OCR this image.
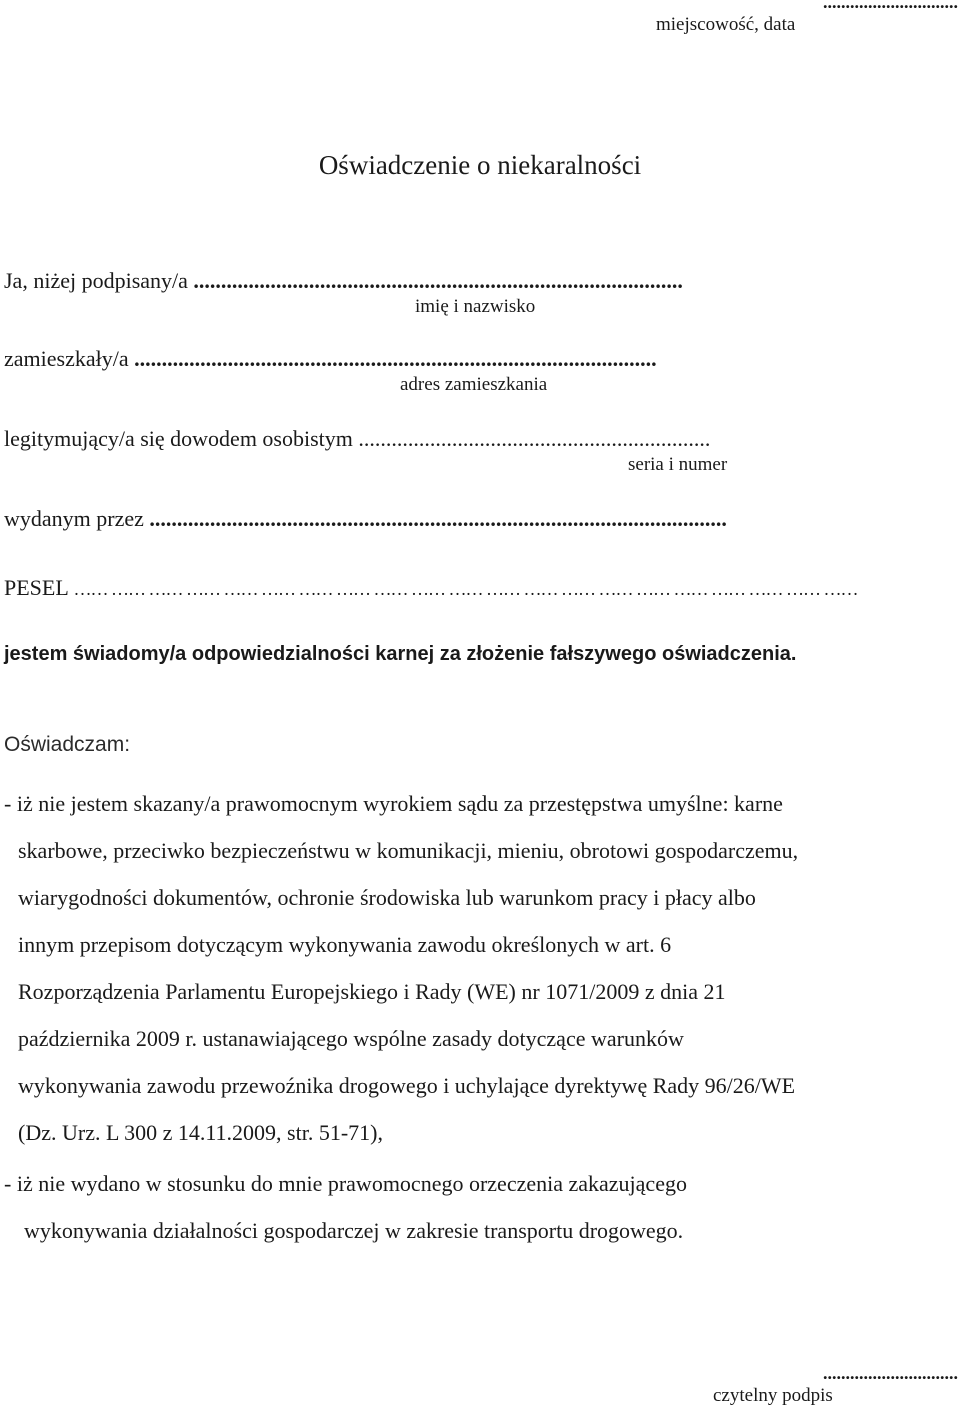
..............................
miejscowość, data
Oświadczenie o niekaralności
Ja, niżej podpisany/a .........................................................................................
imię i nazwisko
zamieszkały/a ...............................................................................................
adres zamieszkania
legitymujący/a się dowodem osobistym ................................................................
seria i numer
wydanym przez .........................................................................................................
PESEL …… …… …… …… …… …… …… …… …… …… …… …… …… …… …… …… …… …… …… …… ……
jestem świadomy/a odpowiedzialności karnej za złożenie fałszywego oświadczenia.
Oświadczam:
- iż nie jestem skazany/a prawomocnym wyrokiem sądu za przestępstwa umyślne: karne
skarbowe, przeciwko bezpieczeństwu w komunikacji, mieniu, obrotowi gospodarczemu,
wiarygodności dokumentów, ochronie środowiska lub warunkom pracy i płacy albo
innym przepisom dotyczącym wykonywania zawodu określonych w art. 6
Rozporządzenia Parlamentu Europejskiego i Rady (WE) nr 1071/2009 z dnia 21
października 2009 r. ustanawiającego wspólne zasady dotyczące warunków
wykonywania zawodu przewoźnika drogowego i uchylające dyrektywę Rady 96/26/WE
(Dz. Urz. L 300 z 14.11.2009, str. 51-71),
- iż nie wydano w stosunku do mnie prawomocnego orzeczenia zakazującego
wykonywania działalności gospodarczej w zakresie transportu drogowego.
..............................
czytelny podpis
